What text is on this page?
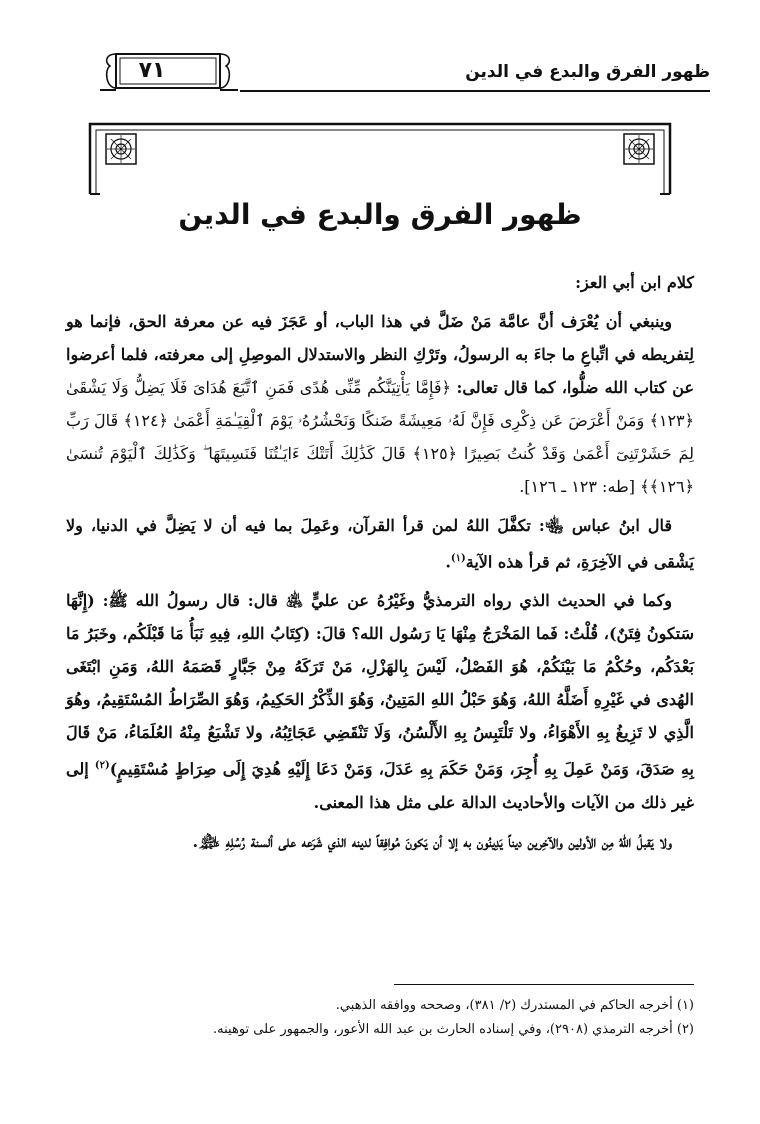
٧١	ظهور الفرق والبدع في الدين
ظهور الفرق والبدع في الدين

كلام ابن أبي العز:

وينبغي أن يُعْرَف أنَّ عامَّة مَنْ ضَلَّ في هذا الباب، أو عَجَزَ فيه عن معرفة الحق، فإنما هو لِتفريطه في اتِّباعِ ما جاءَ به الرسولُ، وتَرْكِ النظر والاستدلال الموصِلِ إلى معرفته، فلما أعرضوا عن كتاب الله ضلُّوا، كما قال تعالى: ﴿فَإِمَّا يَأْتِيَنَّكُم مِّنِّى هُدًى فَمَنِ ٱتَّبَعَ هُدَاىَ فَلَا يَضِلُّ وَلَا يَشْقَىٰ ﴿١٢٣﴾ وَمَنْ أَعْرَضَ عَن ذِكْرِى فَإِنَّ لَهُۥ مَعِيشَةً ضَنكًا وَنَحْشُرُهُۥ يَوْمَ ٱلْقِيَـٰمَةِ أَعْمَىٰ ﴿١٢٤﴾ قَالَ رَبِّ لِمَ حَشَرْتَنِىٓ أَعْمَىٰ وَقَدْ كُنتُ بَصِيرًا ﴿١٢٥﴾ قَالَ كَذَٰلِكَ أَتَتْكَ ءَايَـٰتُنَا فَنَسِيتَهَا ۖ وَكَذَٰلِكَ ٱلْيَوْمَ تُنسَىٰ ﴿١٢٦﴾﴾ [طه: ١٢٣ ـ ١٢٦].

قال ابنُ عباس ﵄: تكفَّلَ اللهُ لمن قرأ القرآن، وعَمِلَ بما فيه أن لا يَضِلَّ في الدنيا، ولا يَشْقى في الآخِرَةِ، ثم قرأ هذه الآية$^{(١)}$.

وكما في الحديث الذي رواه الترمذيُّ وغَيْرُهُ عن عليٍّ ﵁ قال: قال رسولُ الله ﷺ: (إِنَّهَا سَتكونُ فِتَنٌ)، قُلْتُ: فَما المَخْرَجُ مِنْهَا يَا رَسُول الله؟ قالَ: (كِتَابُ اللهِ، فِيهِ نَبَأُ مَا قَبْلَكُم، وخَبَرُ مَا بَعْدَكُم، وحُكْمُ مَا بَيْنَكُمْ، هُوَ الفَصْلُ، لَيْسَ بِالهَزْلِ، مَنْ تَرَكَهُ مِنْ جَبَّارٍ قَصَمَهُ اللهُ، وَمَنِ ابْتَغَى الهُدى في غَيْرِهِ أَضَلَّهُ اللهُ، وَهُوَ حَبْلُ اللهِ المَتِينُ، وَهُوَ الذِّكْرُ الحَكِيمُ، وَهُوَ الصِّرَاطُ المُسْتَقِيمُ، وهُوَ الَّذِي لا تَزِيغُ بِهِ الأَهْوَاءُ، ولا تَلْتَبِسُ بِهِ الأَلْسُنُ، وَلَا تَنْقَضِي عَجَائِبُهُ، ولا تَشْبَعُ مِنْهُ العُلَمَاءُ، مَنْ قَالَ بِهِ صَدَقَ، وَمَنْ عَمِلَ بِهِ أُجِرَ، وَمَنْ حَكَمَ بِهِ عَدَلَ، وَمَنْ دَعَا إِلَيْهِ هُدِيَ إِلَى صِرَاطٍ مُسْتَقِيمٍ)$^{(٢)}$ إلى غير ذلك من الآيات والأحاديث الدالة على مثل هذا المعنى.

ولا يَقبلُ اللهُ مِن الأولين والآخِرين ديناً يَدِينُون به إلا أن يَكونَ مُوافِقاً لدينه الذي شَرَعه على ألسنة رُسُلِهِ ﵈.

(١) أخرجه الحاكم في المستدرك (٢/ ٣٨١)، وصححه ووافقه الذهبي.

(٢) أخرجه الترمذي (٢٩٠٨)، وفي إسناده الحارث بن عبد الله الأعور، والجمهور على توهينه.
